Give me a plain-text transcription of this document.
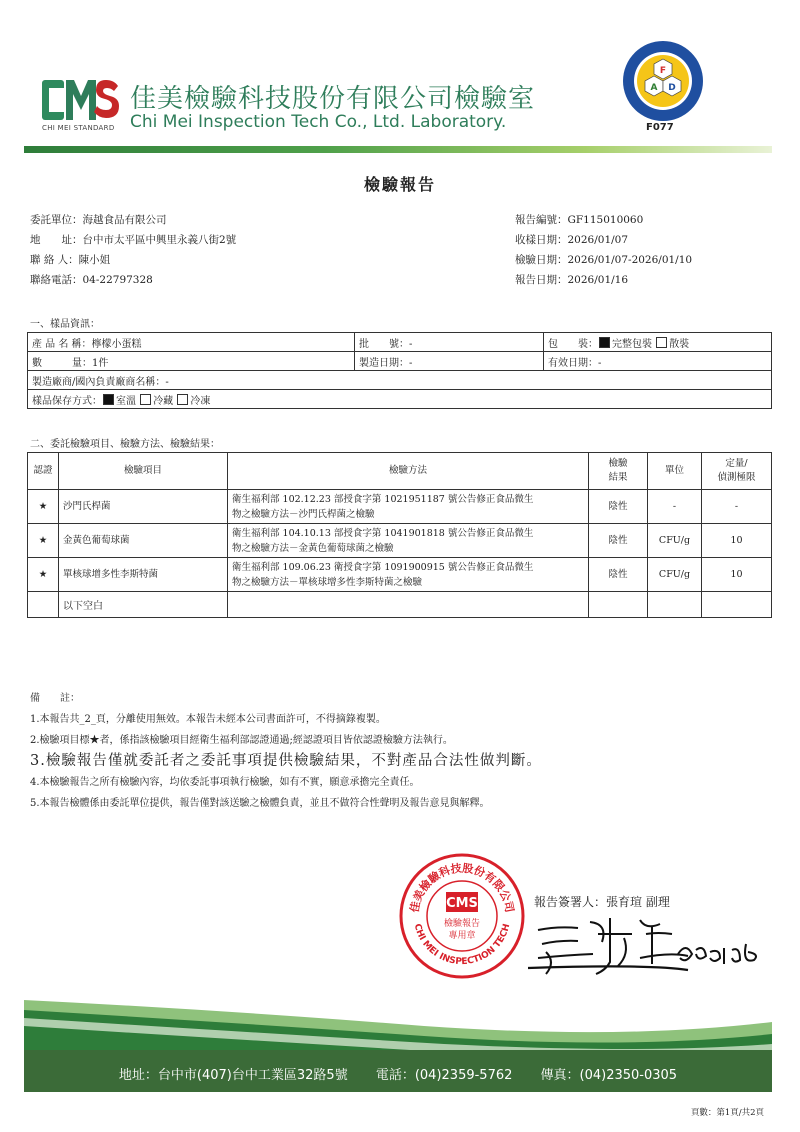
CHI MEI STANDARD
佳美檢驗科技股份有限公司檢驗室
Chi Mei Inspection Tech Co., Ltd. Laboratory.
F
A D
F077
檢驗報告
委託單位：海越食品有限公司
地　　址：台中市太平區中興里永義八街2號
聯 絡 人：陳小姐
聯絡電話：04-22797328
報告編號：GF115010060
收樣日期：2026/01/07
檢驗日期：2026/01/07-2026/01/10
報告日期：2026/01/16
一、樣品資訊：
產 品 名 稱：檸檬小蛋糕	批　　號：-	包　　裝： 完整包裝 散裝
數　　　量：1件	製造日期：-	有效日期：-
製造廠商/國內負責廠商名稱：-		
樣品保存方式： 室溫 冷藏 冷凍		
二、委託檢驗項目、檢驗方法、檢驗結果：
認證	檢驗項目	檢驗方法	檢驗
結果	單位	定量/
偵測極限
★	沙門氏桿菌	衛生福利部 102.12.23 部授食字第 1021951187 號公告修正食品微生
物之檢驗方法－沙門氏桿菌之檢驗	陰性	-	-
★	金黃色葡萄球菌	衛生福利部 104.10.13 部授食字第 1041901818 號公告修正食品微生
物之檢驗方法－金黃色葡萄球菌之檢驗	陰性	CFU/g	10
★	單核球增多性李斯特菌	衛生福利部 109.06.23 衛授食字第 1091900915 號公告修正食品微生
物之檢驗方法－單核球增多性李斯特菌之檢驗	陰性	CFU/g	10
	以下空白				
備　　註：
1.本報告共_2_頁，分離使用無效。本報告未經本公司書面許可，不得摘錄複製。
2.檢驗項目標★者，係指該檢驗項目經衛生福利部認證通過;經認證項目皆依認證檢驗方法執行。
3.檢驗報告僅就委託者之委託事項提供檢驗結果，不對產品合法性做判斷。
4.本檢驗報告之所有檢驗內容，均依委託事項執行檢驗，如有不實，願意承擔完全責任。
5.本報告檢體係由委託單位提供，報告僅對該送驗之檢體負責，並且不做符合性聲明及報告意見與解釋。
佳美檢驗科技股份有限公司
CHI MEI INSPECTION TECH
CMS
檢驗報告
專用章
報告簽署人：張育瑄 副理
地址：台中市(407)台中工業區32路5號 電話：(04)2359-5762 傳真：(04)2350-0305
頁數：第1頁/共2頁
